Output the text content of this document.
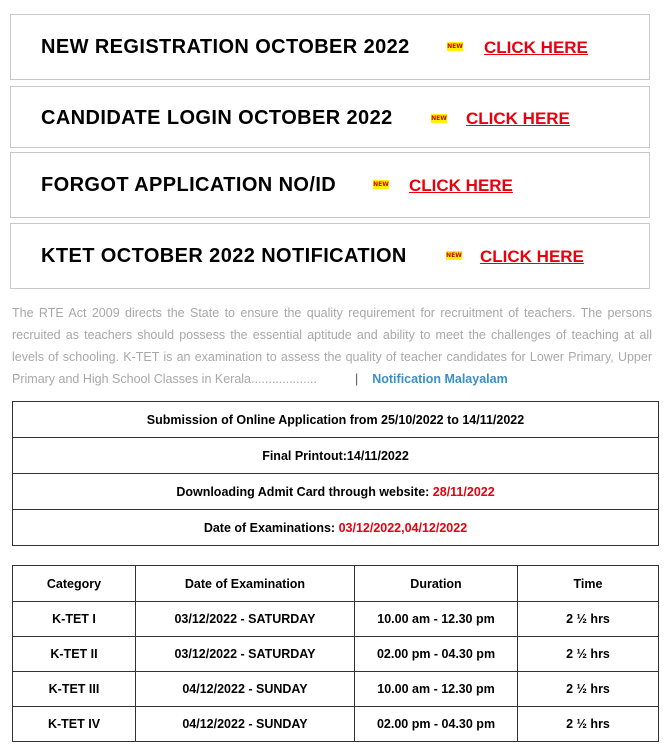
NEW REGISTRATION OCTOBER 2022	NEW CLICK HERE
CANDIDATE LOGIN OCTOBER 2022	NEW CLICK HERE
FORGOT APPLICATION NO/ID	NEW CLICK HERE
KTET OCTOBER 2022 NOTIFICATION	NEW CLICK HERE
The RTE Act 2009 directs the State to ensure the quality requirement for recruitment of teachers. The persons recruited as teachers should possess the essential aptitude and ability to meet the challenges of teaching at all levels of schooling. K-TET is an examination to assess the quality of teacher candidates for Lower Primary, Upper Primary and High School Classes in Kerala...................	| Notification Malayalam
Submission of Online Application from 25/10/2022 to 14/11/2022
Final Printout:14/11/2022
Downloading Admit Card through website: 28/11/2022
Date of Examinations: 03/12/2022,04/12/2022
Category	Date of Examination	Duration	Time
K-TET I	03/12/2022 - SATURDAY	10.00 am - 12.30 pm	2 ½ hrs
K-TET II	03/12/2022 - SATURDAY	02.00 pm - 04.30 pm	2 ½ hrs
K-TET III	04/12/2022 - SUNDAY	10.00 am - 12.30 pm	2 ½ hrs
K-TET IV	04/12/2022 - SUNDAY	02.00 pm - 04.30 pm	2 ½ hrs
